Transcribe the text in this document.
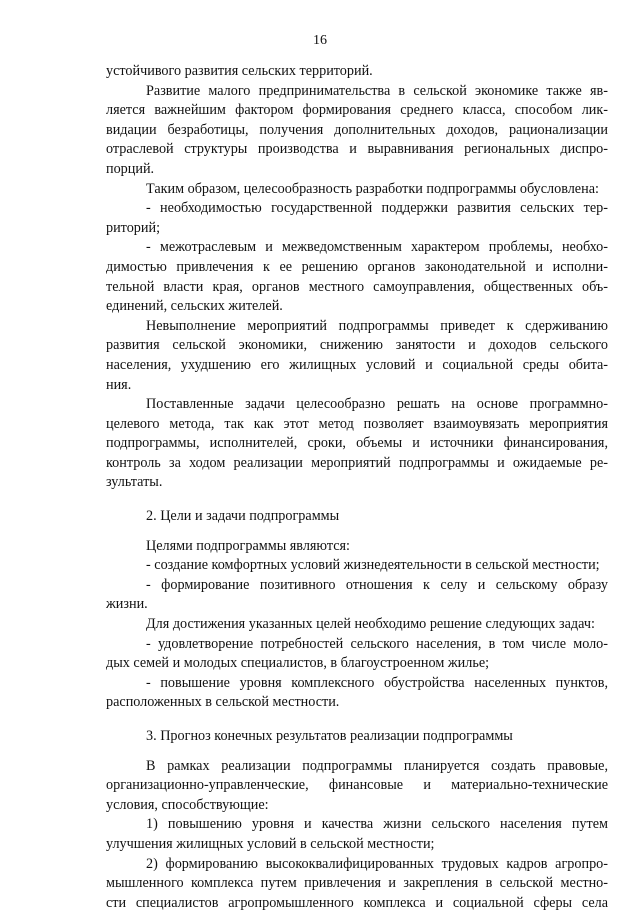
16
устойчивого развития сельских территорий.
Развитие малого предпринимательства в сельской экономике также яв-
ляется важнейшим фактором формирования среднего класса, способом лик-
видации безработицы, получения дополнительных доходов, рационализации
отраслевой структуры производства и выравнивания региональных диспро-
порций.
Таким образом, целесообразность разработки подпрограммы обусловлена:
- необходимостью государственной поддержки развития сельских тер-
риторий;
- межотраслевым и межведомственным характером проблемы, необхо-
димостью привлечения к ее решению органов законодательной и исполни-
тельной власти края, органов местного самоуправления, общественных объ-
единений, сельских жителей.
Невыполнение мероприятий подпрограммы приведет к сдерживанию
развития сельской экономики, снижению занятости и доходов сельского
населения, ухудшению его жилищных условий и социальной среды обита-
ния.
Поставленные задачи целесообразно решать на основе программно-
целевого метода, так как этот метод позволяет взаимоувязать мероприятия
подпрограммы, исполнителей, сроки, объемы и источники финансирования,
контроль за ходом реализации мероприятий подпрограммы и ожидаемые ре-
зультаты.
2. Цели и задачи подпрограммы
Целями подпрограммы являются:
- создание комфортных условий жизнедеятельности в сельской местности;
- формирование позитивного отношения к селу и сельскому образу
жизни.
Для достижения указанных целей необходимо решение следующих задач:
- удовлетворение потребностей сельского населения, в том числе моло-
дых семей и молодых специалистов, в благоустроенном жилье;
- повышение уровня комплексного обустройства населенных пунктов,
расположенных в сельской местности.
3. Прогноз конечных результатов реализации подпрограммы
В рамках реализации подпрограммы планируется создать правовые,
организационно-управленческие, финансовые и материально-технические
условия, способствующие:
1) повышению уровня и качества жизни сельского населения путем
улучшения жилищных условий в сельской местности;
2) формированию высококвалифицированных трудовых кадров агропро-
мышленного комплекса путем привлечения и закрепления в сельской местно-
сти специалистов агропромышленного комплекса и социальной сферы села
